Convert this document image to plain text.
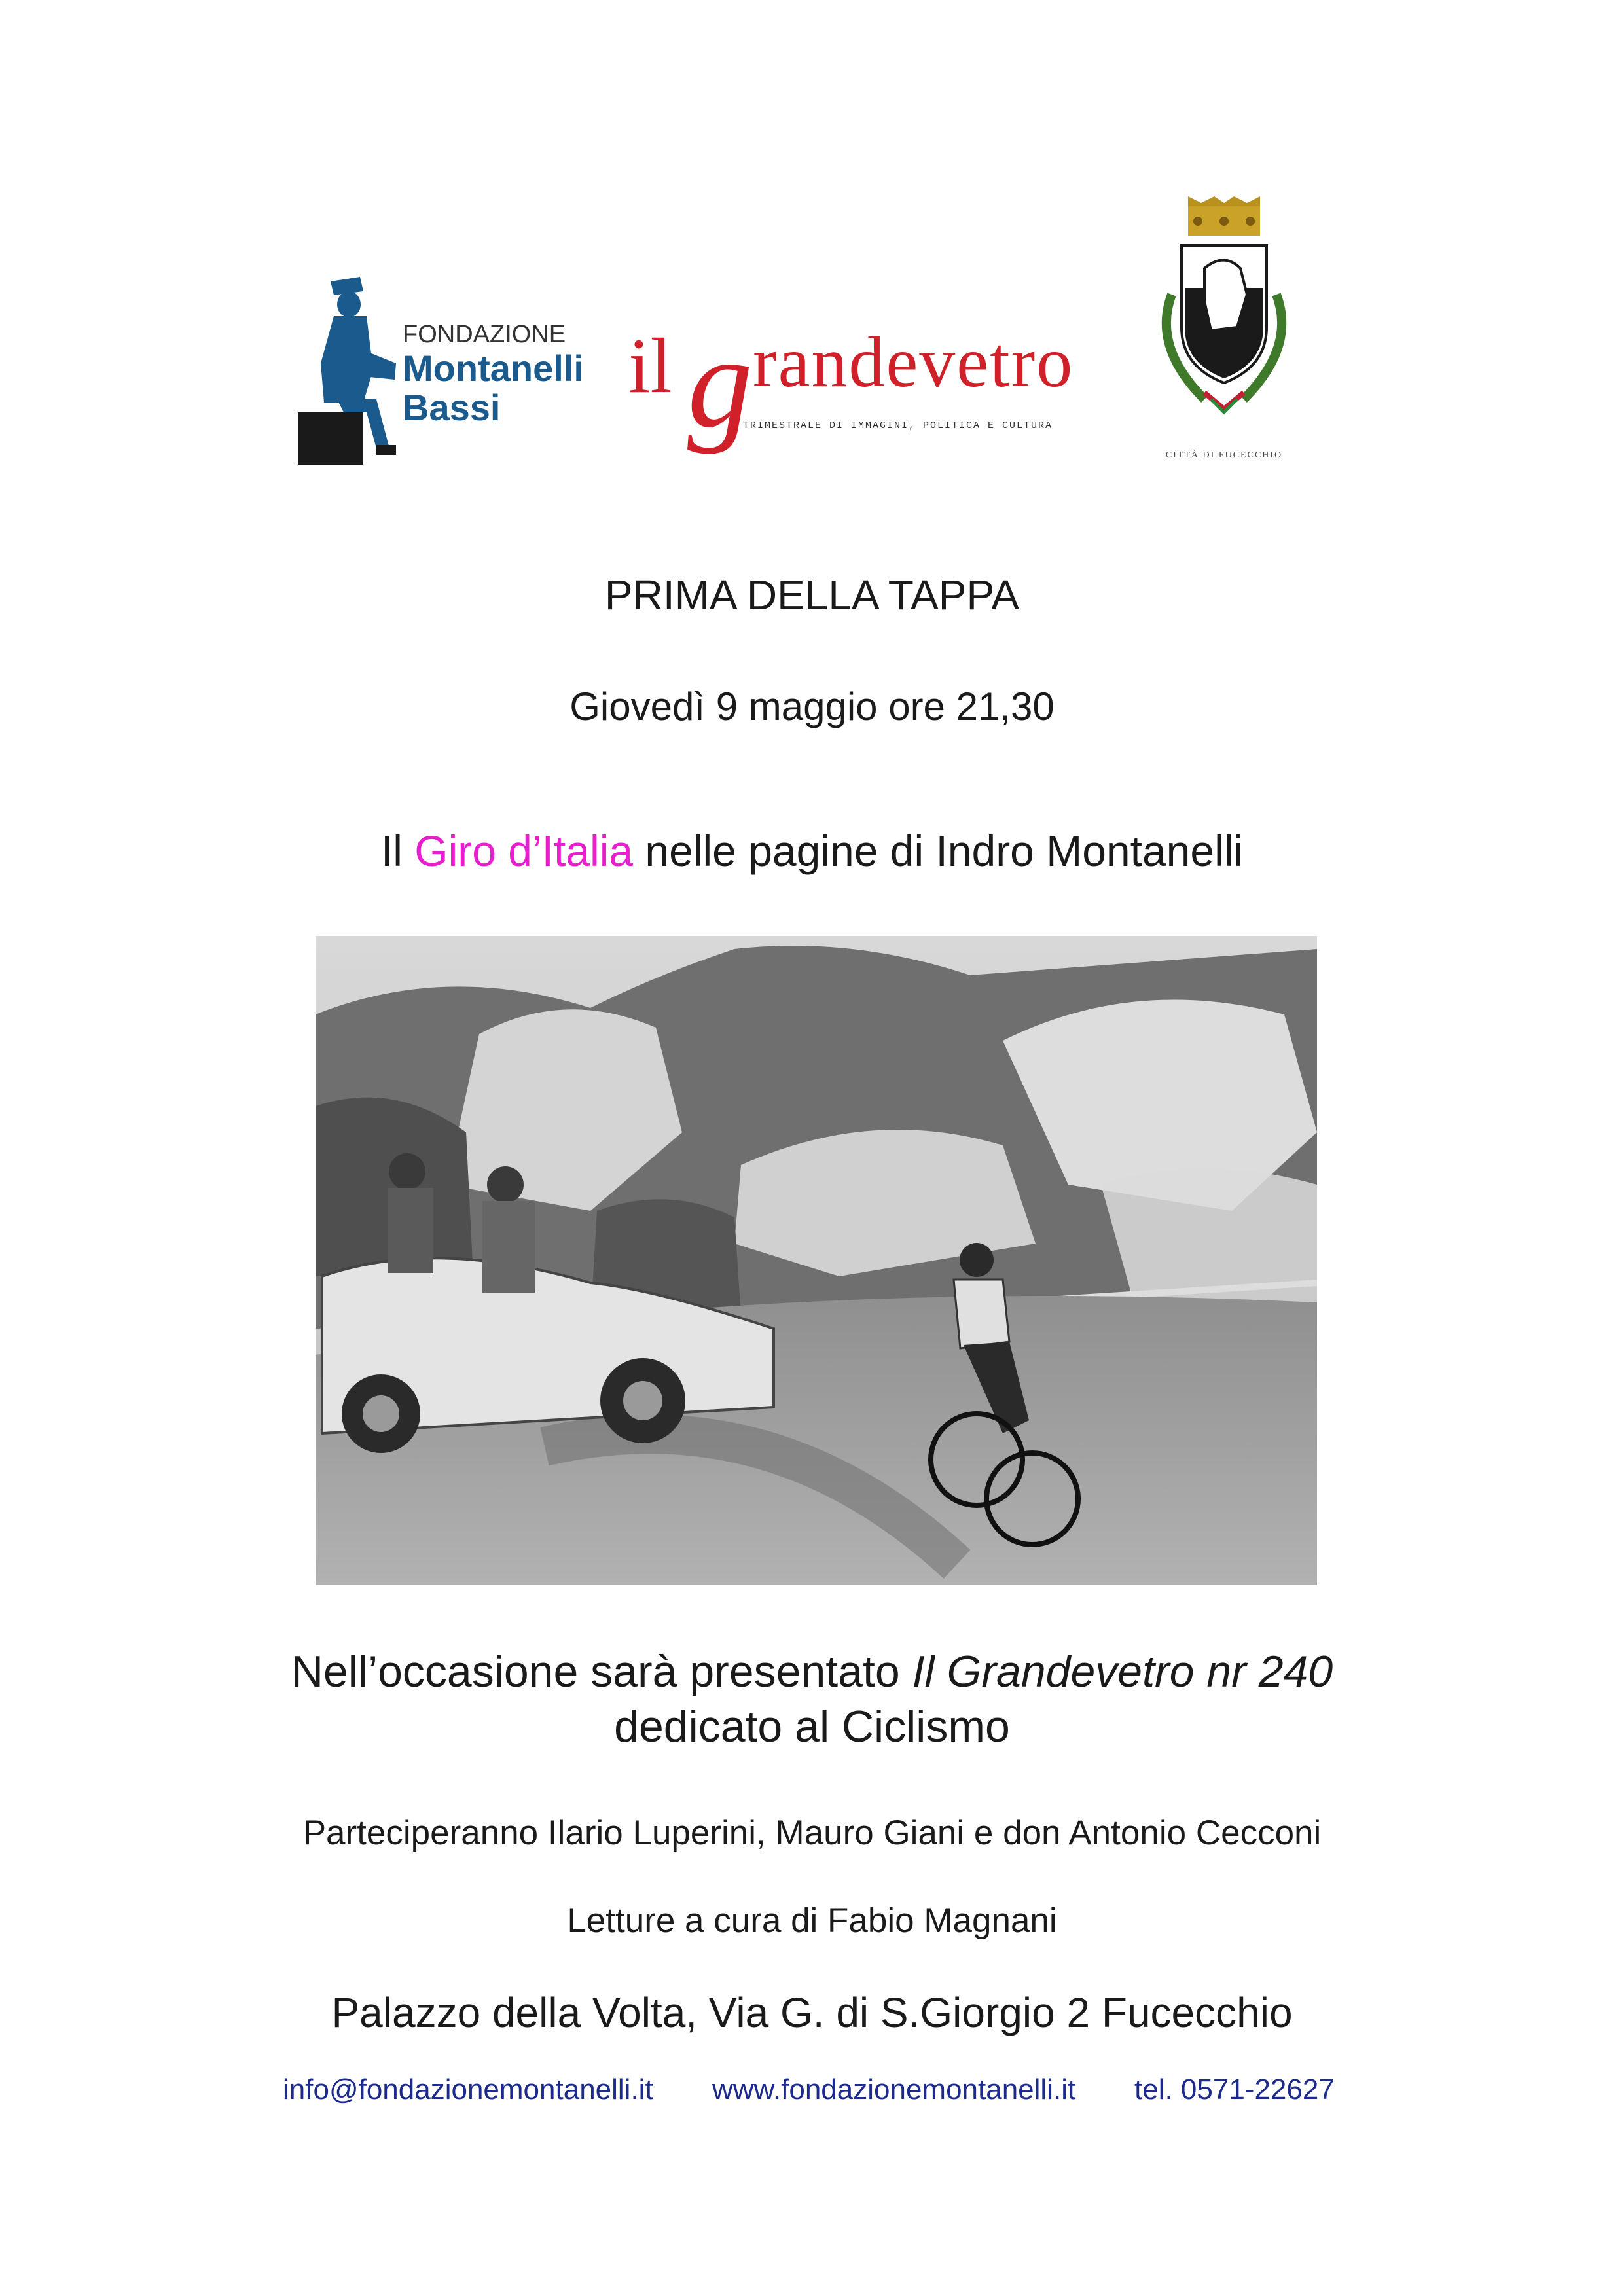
FONDAZIONE
Montanelli
Bassi il g randevetro
TRIMESTRALE DI IMMAGINI, POLITICA E CULTURA
CITTÀ DI FUCECCHIO
PRIMA DELLA TAPPA
Giovedì 9 maggio ore 21,30
Il Giro d’Italia nelle pagine di Indro Montanelli
Nell’occasione sarà presentato Il Grandevetro nr 240
dedicato al Ciclismo
Parteciperanno Ilario Luperini, Mauro Giani e don Antonio Cecconi
Letture a cura di Fabio Magnani
Palazzo della Volta, Via G. di S.Giorgio 2 Fucecchio
info@fondazionemontanelli.it www.fondazionemontanelli.it tel. 0571-22627
